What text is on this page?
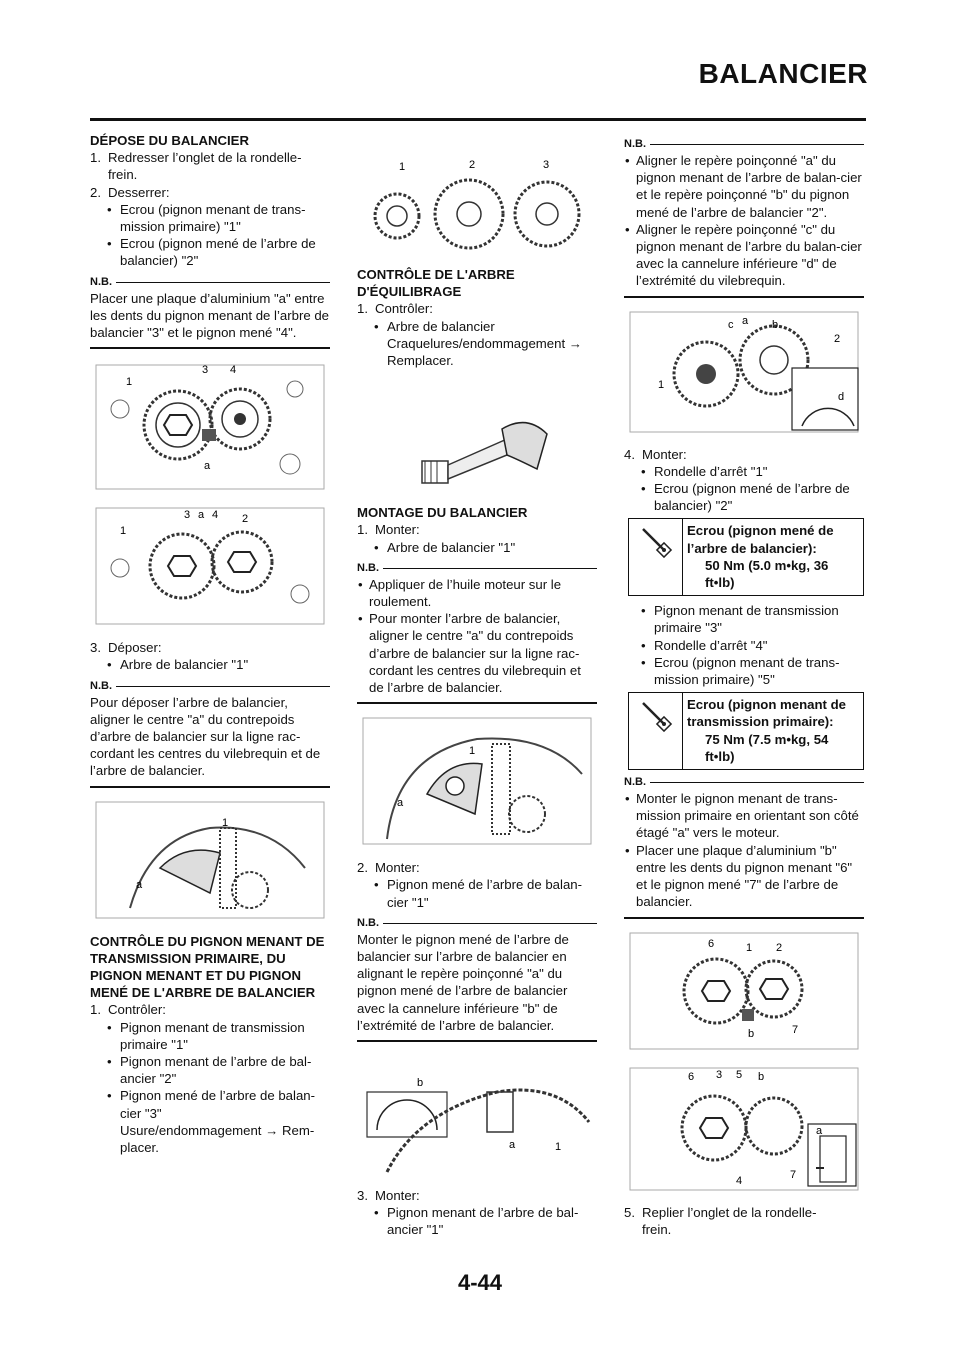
BALANCIER
DÉPOSE DU BALANCIER
1. Redresser l’onglet de la rondelle-
frein.
2. Desserrer:
• Ecrou (pignon menant de trans-
mission primaire) "1"
• Ecrou (pignon mené de l’arbre de
balancier) "2"
N.B.
Placer une plaque d’aluminium "a" entre les dents du pignon menant de l’arbre de balancier "3" et le pignon mené "4".
1
3 4
a
1
3 a 4 2
3. Déposer:
• Arbre de balancier "1"
N.B.
Pour déposer l’arbre de balancier, aligner le centre "a" du contrepoids d’arbre de balancier sur la ligne rac-cordant les centres du vilebrequin et de l’arbre de balancier.
1
a
CONTRÔLE DU PIGNON MENANT DE TRANSMISSION PRIMAIRE, DU PIGNON MENANT ET DU PIGNON MENÉ DE L'ARBRE DE BALANCIER
1. Contrôler:
• Pignon menant de transmission
primaire "1"
• Pignon menant de l’arbre de bal-
ancier "2"
• Pignon mené de l’arbre de balan-
cier "3"
Usure/endommagement → Rem-
placer.
1	2	3
CONTRÔLE DE L'ARBRE D'ÉQUILIBRAGE
1. Contrôler:
• Arbre de balancier
Craquelures/endommagement →
Remplacer.
MONTAGE DU BALANCIER
1. Monter:
• Arbre de balancier "1"
N.B.
• Appliquer de l’huile moteur sur le roulement.
• Pour monter l’arbre de balancier, aligner le centre "a" du contrepoids d’arbre de balancier sur la ligne rac-cordant les centres du vilebrequin et de l’arbre de balancier.
1
a
2. Monter:
• Pignon mené de l’arbre de balan-
cier "1"
N.B.
Monter le pignon mené de l’arbre de balancier sur l’arbre de balancier en alignant le repère poinçonné "a" du pignon mené de l’arbre de balancier avec la cannelure inférieure "b" de l’extrémité de l’arbre de balancier.
b
a	1
3. Monter:
• Pignon menant de l’arbre de bal-
ancier "1"
N.B.
• Aligner le repère poinçonné "a" du pignon menant de l’arbre de balan-cier et le repère poinçonné "b" du pignon mené de l’arbre de balancier "2".
• Aligner le repère poinçonné "c" du pignon menant de l’arbre du balan-cier avec la cannelure inférieure "d" de l’extrémité du vilebrequin.
c a b
2
1
d
4. Monter:
• Rondelle d’arrêt "1"
• Ecrou (pignon mené de l’arbre de
balancier) "2"
Ecrou (pignon mené de l’arbre de balancier):
50 Nm (5.0 m•kg, 36 ft•lb)
• Pignon menant de transmission
primaire "3"
• Rondelle d’arrêt "4"
• Ecrou (pignon menant de trans-
mission primaire) "5"
Ecrou (pignon menant de transmission primaire):
75 Nm (7.5 m•kg, 54 ft•lb)
N.B.
• Monter le pignon menant de trans-mission primaire en orientant son côté étagé "a" vers le moteur.
• Placer une plaque d’aluminium "b" entre les dents du pignon menant "6" et le pignon mené "7" de l’arbre de balancier.
6	1 2
b	7
6 3 5 b
a
4	7
5. Replier l’onglet de la rondelle-
frein.
4-44
